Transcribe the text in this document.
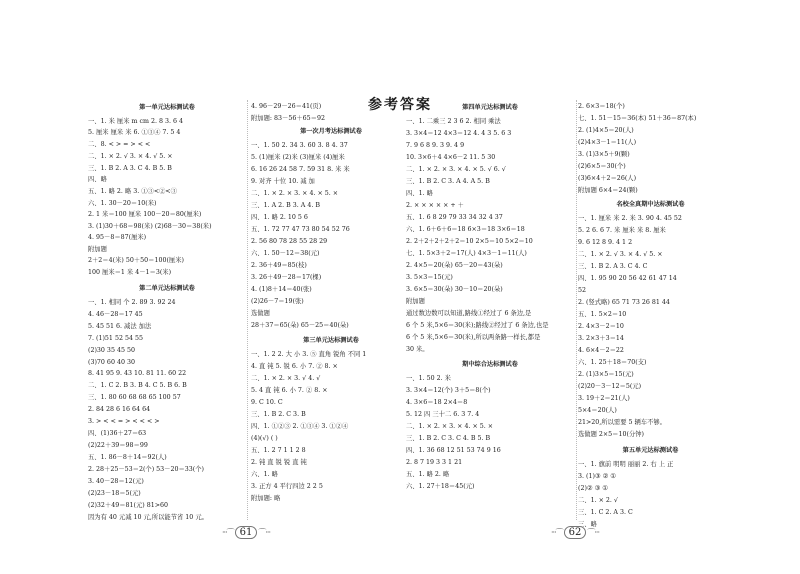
参考答案
第一单元达标测试卷
一、1. 米 厘米 m cm 2. 8 3. 6 4
5. 厘米 厘米 米 6. ①③④ 7. 5 4
二、8. < > = > < <
二、1. × 2. √ 3. × 4. √ 5. ×
三、1. B 2. A 3. C 4. B 5. B
四、略
五、1. 略 2. 略 3. ①③<②<③
六、1. 30－20＝10(米)
2. 1 米＝100 厘米 100－20＝80(厘米)
3. (1)30＋68＝98(米) (2)68－30＝38(米)
4. 95－8＝87(厘米)
附加题
2＋2＝4(米) 50＋50＝100(厘米)
100 厘米＝1 米 4－1＝3(米)
第二单元达标测试卷
一、1. 相同 个 2. 89 3. 92 24
4. 46－28＝17 45
5. 45 51 6. 减法 加法
7. (1)51 52 54 55
(2)30 35 45 50
(3)70 60 40 30
8. 41 95 9. 43 10. 81 11. 60 22
二、1. C 2. B 3. B 4. C 5. B 6. B
三、1. 80 60 68 68 65 100 57
2. 84 28 6 16 64 64
3. > < < = > < < < >
四、(1)36＋27＝63
(2)22＋39＝98＝99
五、1. 86－8＋14＝92(人)
2. 28＋25－53＝2(个) 53－20＝33(个)
3. 40－28＝12(元)
(2)23－18＝5(元)
(2)32＋49＝81(元) 81>60
因为有 40 元减 10 元,所以能节省 10 元。
4. 96－29－26＝41(页)
附加题: 83－56＋65＝92
第一次月考达标测试卷
一、1. 50 2. 34 3. 60 3. 8 4. 37
5. (1)厘米 (2)米 (3)厘米 (4)厘米
6. 16 26 24 58 7. 59 31 8. 米 米
9. 对齐 十位 10. 减 加
二、1. × 2. × 3. × 4. × 5. ×
三、1. A 2. B 3. A 4. B
四、1. 略 2. 10 5 6
五、1. 72 77 47 73 80 54 52 76
2. 56 80 78 28 55 28 29
六、1. 50－12＝38(元)
2. 36＋49＝85(枝)
3. 26＋49－28＝17(棵)
4. (1)8＋14＝40(张)
(2)26－7＝19(张)
选做题
28＋37＝65(朵) 65－25＝40(朵)
第三单元达标测试卷
一、1. 2 2. 大 小 3. ⑤ 直角 锐角 不同 1
4. 直 钝 5. 锐 6. 小 7. ② 8. ×
二、1. × 2. × 3. √ 4. √
5. 4 直 钝 6. 小 7. ② 8. ×
9. C 10. C
三、1. B 2. C 3. B
四、1. ①②③ 2. ①③④ 3. ①②④
(4)(√) ( )
五、1. 2 7 1 1 2 8
2. 钝 直 锐 锐 直 钝
六、1. 略
3. 正方 4 平行四边 2 2 5
附加题: 略
第四单元达标测试卷
一、1. 二乘三 2 3 6 2. 相同 乘法
3. 3×4＝12 4×3＝12 4. 4 3 5. 6 3
7. 9 6 8 9. 3 9. 4 9
10. 3×6＋4 4×6－2 11. 5 30
二、1. × 2. × 3. × 4. × 5. √ 6. √
三、1. B 2. C 3. A 4. A 5. B
四、1. 略
2. × × × × × + ＋
五、1. 6 8 29 79 33 34 32 4 37
六、1. 6＋6＋6＝18 6×3＝18 3×6＝18
2. 2＋2＋2＋2＋2＝10 2×5＝10 5×2＝10
七、1. 5×3＋2＝17(人) 4×3－1＝11(人)
2. 4×5＝20(朵) 65－20＝43(朵)
3. 5×3＝15(元)
3. 6×5＝30(朵) 30－10＝20(朵)
附加题
通过数边数可以知道,路线①经过了 6 条边,是
6 个 5 米,5×6＝30(米);路线②经过了 6 条边,也是
6 个 5 米,5×6＝30(米),所以两条路一样长,都是
30 米。
期中综合达标测试卷
一、1. 50 2. 米
3. 3×4＝12(个) 3＋5＝8(个)
4. 3×6＝18 2×4＝8
5. 12 四 三十二 6. 3 7. 4
二、1. × 2. × 3. × 4. × 5. ×
三、1. B 2. C 3. C 4. B 5. B
四、1. 36 68 12 51 53 74 9 16
2. 8 7 19 3 3 1 21
五、1. 略 2. 略
六、1. 27＋18＝45(元)
2. 6×3＝18(个)
七、1. 51－15＝36(本) 51＋36＝87(本)
2. (1)4×5＝20(人)
(2)4×3－1＝11(人)
3. (1)3×5＋9(颗)
(2)6×5＝30(个)
(3)6×4＋2＝26(人)
附加题 6×4＝24(颗)
名校全真期中达标测试卷
一、1. 厘米 米 2. 米 3. 90 4. 45 52
5. 2 6. 6 7. 米 厘米 米 8. 厘米
9. 6 12 8 9. 4 1 2
二、1. × 2. √ 3. × 4. √ 5. ×
三、1. B 2. A 3. C 4. C
四、1. 95 90 20 56 42 61 47 14
52
2. (竖式略) 65 71 73 26 81 44
五、1. 5×2＝10
2. 4×3－2＝10
3. 2×3＋3＝14
4. 6×4－2＝22
六、1. 25＋18＝70(支)
2. (1)3×5＝15(元)
(2)20－3－12＝5(元)
3. 19＋2＝21(人)
5×4＝20(人)
21>20,所以需要 5 辆车不够。
选做题 2×5＝10(分钟)
第五单元达标测试卷
一、1. 旗前 明明 丽丽 2. 右 上 正
3. (1)③ ② ①
(2)② ③ ①
二、1. × 2. √
三、1. C 2. A 3. C
三、略
···⌒ 61 ⌒···	···⌒ 62 ⌒···
